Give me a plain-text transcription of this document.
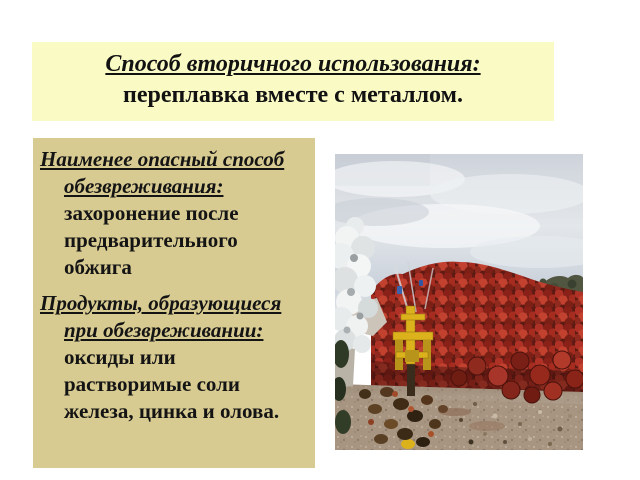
Способ вторичного использования:
переплавка вместе с металлом.

Наименее опасный способ обезвреживания: захоронение после предварительного обжига

Продукты, образующиеся при обезвреживании: оксиды или растворимые соли железа, цинка и олова.
